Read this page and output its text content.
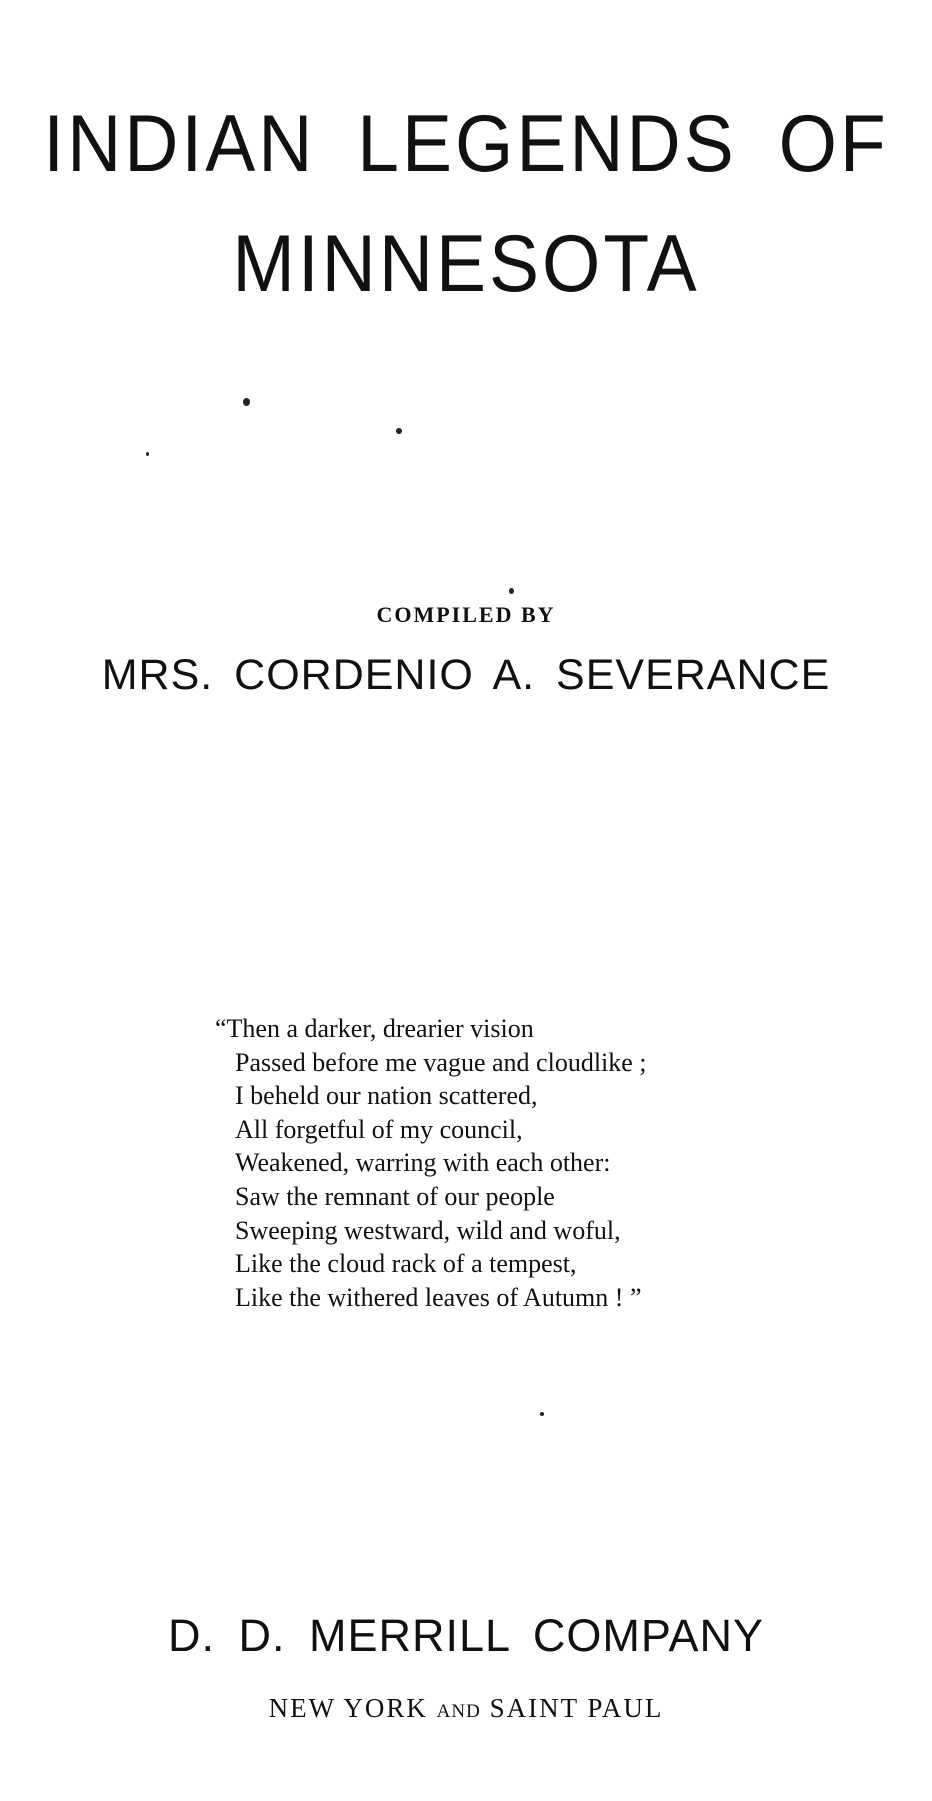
INDIAN LEGENDS OF
MINNESOTA
COMPILED BY
MRS. CORDENIO A. SEVERANCE
“Then a darker, drearier vision
Passed before me vague and cloudlike ;
I beheld our nation scattered,
All forgetful of my council,
Weakened, warring with each other:
Saw the remnant of our people
Sweeping westward, wild and woful,
Like the cloud rack of a tempest,
Like the withered leaves of Autumn ! ”
D. D. MERRILL COMPANY
NEW YORK AND SAINT PAUL
